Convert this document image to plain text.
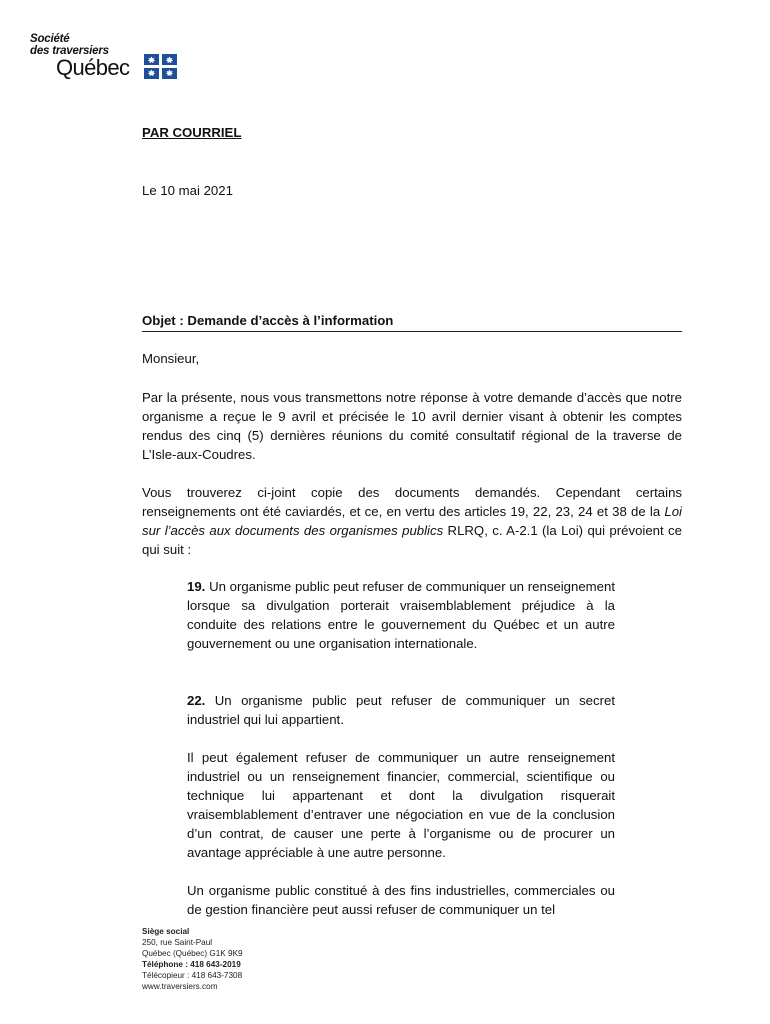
Société
des traversiers
Québec
PAR COURRIEL
Le 10 mai 2021
Objet : Demande d’accès à l’information
Monsieur,
Par la présente, nous vous transmettons notre réponse à votre demande d’accès que notre organisme a reçue le 9 avril et précisée le 10 avril dernier visant à obtenir les comptes rendus des cinq (5) dernières réunions du comité consultatif régional de la traverse de L’Isle-aux-Coudres.
Vous trouverez ci-joint copie des documents demandés. Cependant certains renseignements ont été caviardés, et ce, en vertu des articles 19, 22, 23, 24 et 38 de la Loi sur l’accès aux documents des organismes publics RLRQ, c. A-2.1 (la Loi) qui prévoient ce qui suit :
19. Un organisme public peut refuser de communiquer un renseignement lorsque sa divulgation porterait vraisemblablement préjudice à la conduite des relations entre le gouvernement du Québec et un autre gouvernement ou une organisation internationale.
22. Un organisme public peut refuser de communiquer un secret industriel qui lui appartient.
Il peut également refuser de communiquer un autre renseignement industriel ou un renseignement financier, commercial, scientifique ou technique lui appartenant et dont la divulgation risquerait vraisemblablement d’entraver une négociation en vue de la conclusion d’un contrat, de causer une perte à l’organisme ou de procurer un avantage appréciable à une autre personne.
Un organisme public constitué à des fins industrielles, commerciales ou de gestion financière peut aussi refuser de communiquer un tel
Siège social
250, rue Saint-Paul
Québec (Québec) G1K 9K9
Téléphone : 418 643-2019
Télécopieur : 418 643-7308
www.traversiers.com
